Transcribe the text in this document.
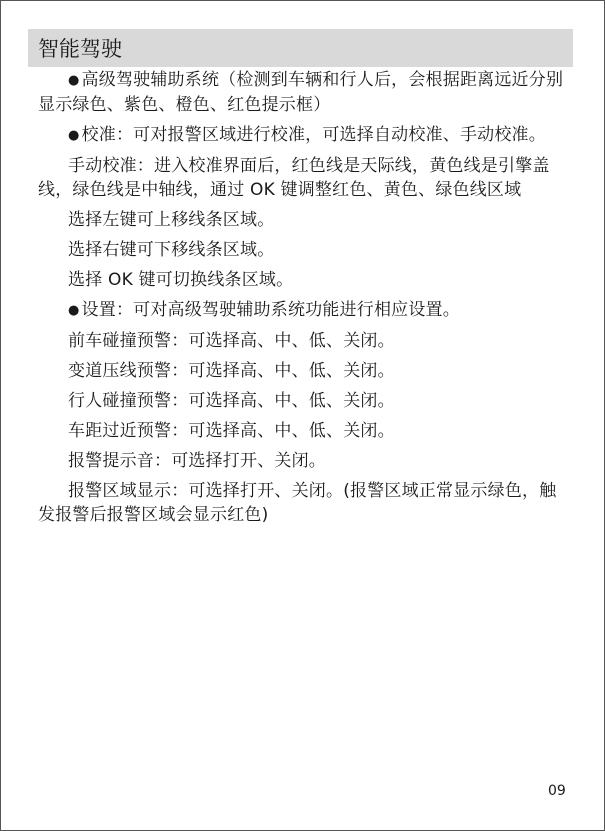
智能驾驶

● 高级驾驶辅助系统（检测到车辆和行人后，会根据距离远近分别显示绿色、紫色、橙色、红色提示框）

● 校准：可对报警区域进行校准，可选择自动校准、手动校准。

手动校准：进入校准界面后，红色线是天际线，黄色线是引擎盖线，绿色线是中轴线，通过 OK 键调整红色、黄色、绿色线区域

选择左键可上移线条区域。

选择右键可下移线条区域。

选择 OK 键可切换线条区域。

● 设置：可对高级驾驶辅助系统功能进行相应设置。

前车碰撞预警：可选择高、中、低、关闭。

变道压线预警：可选择高、中、低、关闭。

行人碰撞预警：可选择高、中、低、关闭。

车距过近预警：可选择高、中、低、关闭。

报警提示音：可选择打开、关闭。

报警区域显示：可选择打开、关闭。(报警区域正常显示绿色，触发报警后报警区域会显示红色)

09
